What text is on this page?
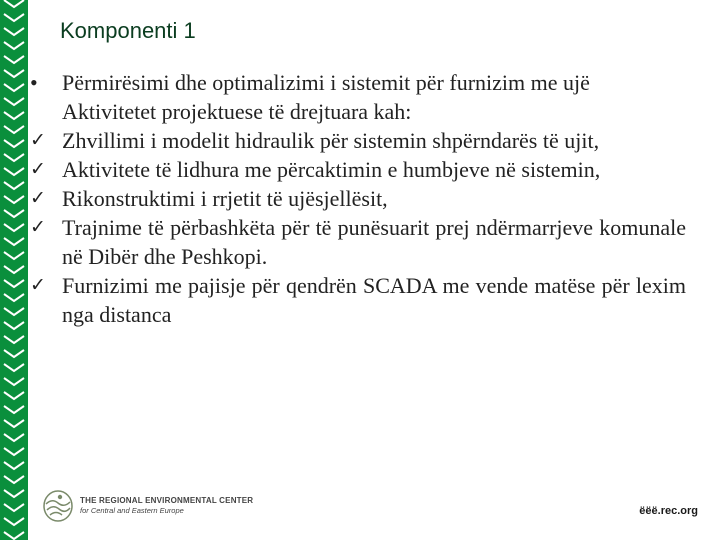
Komponenti 1
•	Përmirësimi dhe optimalizimi i sistemit për furnizim me ujë
Aktivitetet projektuese të drejtuara kah:
✓ Zhvillimi i modelit hidraulik për sistemin shpërndarës të ujit,
✓ Aktivitete të lidhura me përcaktimin e humbjeve në sistemin,
✓ Rikonstruktimi i rrjetit të ujësjellësit,
✓ Trajnime të përbashkëta për të punësuarit prej ndërmarrjeve komunale në Dibër dhe Peshkopi.
✓ Furnizimi me pajisje për qendrën SCADA me vende matëse për lexim nga distanca
THE REGIONAL ENVIRONMENTAL CENTER
for Central and Eastern Europe	ëëë.rec.org
